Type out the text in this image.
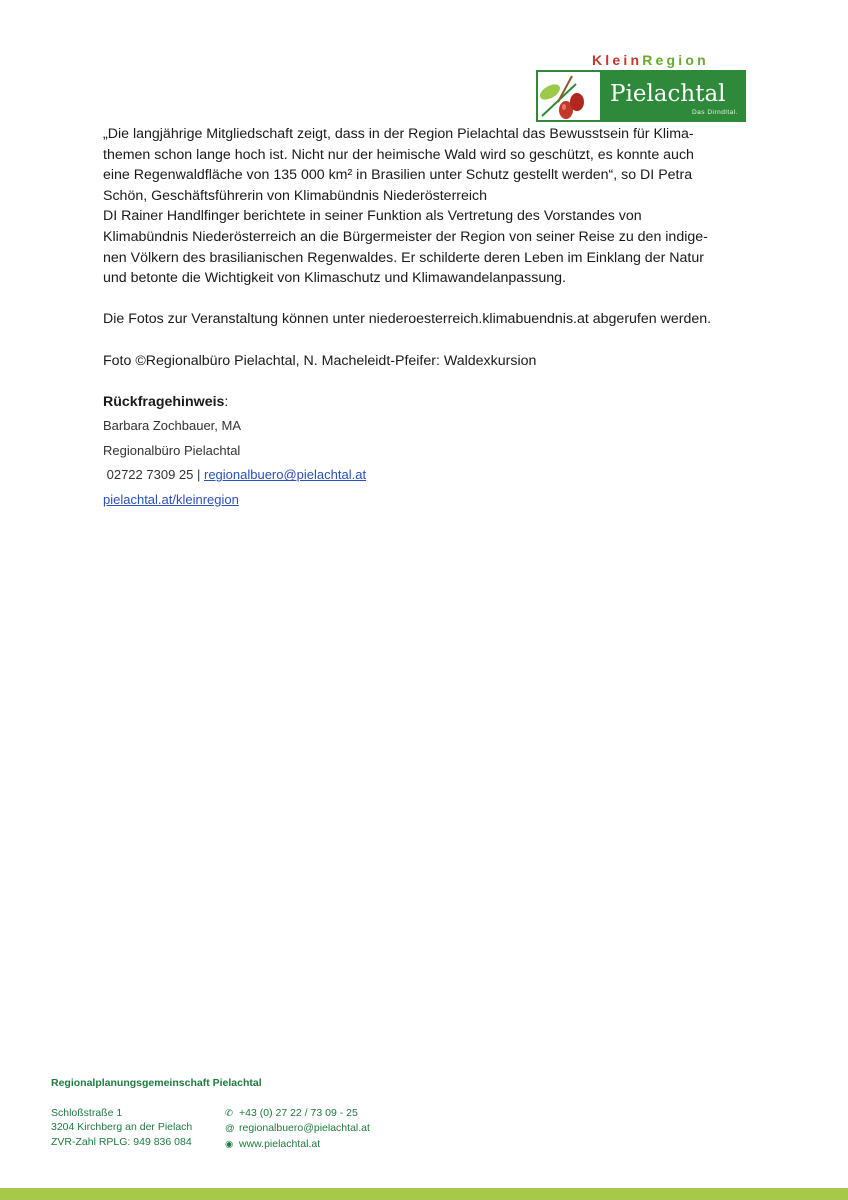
KleinRegion
Pielachtal
Das Dirndltal.

„Die langjährige Mitgliedschaft zeigt, dass in der Region Pielachtal das Bewusstsein für Klima-
themen schon lange hoch ist. Nicht nur der heimische Wald wird so geschützt, es konnte auch
eine Regenwaldfläche von 135 000 km² in Brasilien unter Schutz gestellt werden“, so DI Petra
Schön, Geschäftsführerin von Klimabündnis Niederösterreich

DI Rainer Handlfinger berichtete in seiner Funktion als Vertretung des Vorstandes von
Klimabündnis Niederösterreich an die Bürgermeister der Region von seiner Reise zu den indige-
nen Völkern des brasilianischen Regenwaldes. Er schilderte deren Leben im Einklang der Natur
und betonte die Wichtigkeit von Klimaschutz und Klimawandelanpassung.

Die Fotos zur Veranstaltung können unter niederoesterreich.klimabuendnis.at abgerufen werden.

Foto ©Regionalbüro Pielachtal, N. Macheleidt-Pfeifer: Waldexkursion

Rückfragehinweis:

Barbara Zochbauer, MA
Regionalbüro Pielachtal
02722 7309 25 | regionalbuero@pielachtal.at
pielachtal.at/kleinregion
Regionalplanungsgemeinschaft Pielachtal
Schloßstraße 1
3204 Kirchberg an der Pielach
ZVR-Zahl RPLG: 949 836 084
✆ +43 (0) 27 22 / 73 09 - 25
@ regionalbuero@pielachtal.at
◉ www.pielachtal.at
